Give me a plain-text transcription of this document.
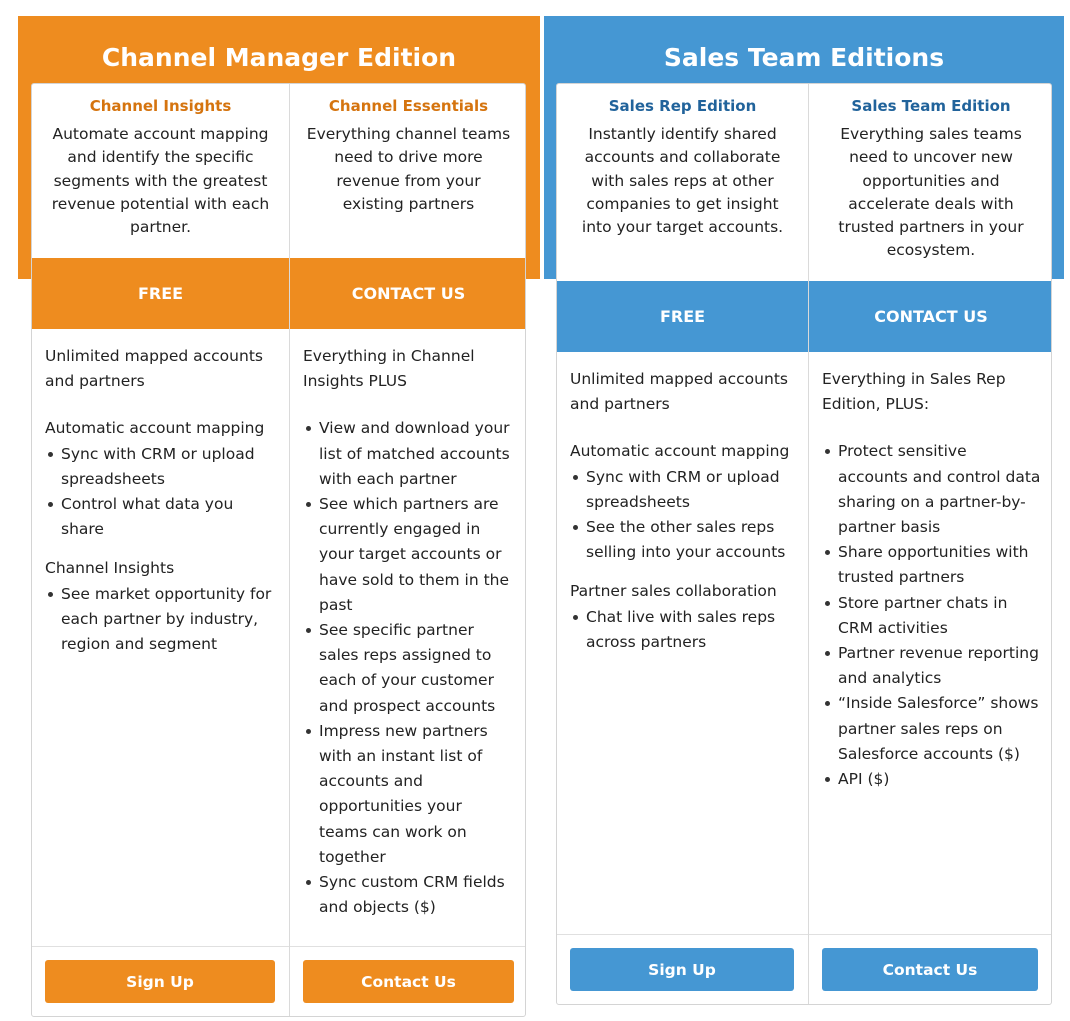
Channel Manager Edition
Channel Insights

Automate account mapping and identify the specific segments with the greatest revenue potential with each partner.

FREE
Unlimited mapped accounts and partners
Automatic account mapping
Sync with CRM or upload spreadsheets
Control what data you share
Channel Insights
See market opportunity for each partner by industry, region and segment
Sign Up
Channel Essentials

Everything channel teams need to drive more revenue from your existing partners

CONTACT US
Everything in Channel Insights PLUS
View and download your list of matched accounts with each partner
See which partners are currently engaged in your target accounts or have sold to them in the past
See specific partner sales reps assigned to each of your customer and prospect accounts
Impress new partners with an instant list of accounts and opportunities your teams can work on together
Sync custom CRM fields and objects ($)
Contact Us
Sales Team Editions
Sales Rep Edition

Instantly identify shared accounts and collaborate with sales reps at other companies to get insight into your target accounts.

FREE
Unlimited mapped accounts and partners
Automatic account mapping
Sync with CRM or upload spreadsheets
See the other sales reps selling into your accounts
Partner sales collaboration
Chat live with sales reps across partners
Sign Up
Sales Team Edition

Everything sales teams need to uncover new opportunities and accelerate deals with trusted partners in your ecosystem.

CONTACT US
Everything in Sales Rep Edition, PLUS:
Protect sensitive accounts and control data sharing on a partner-by-partner basis
Share opportunities with trusted partners
Store partner chats in CRM activities
Partner revenue reporting and analytics
“Inside Salesforce” shows partner sales reps on Salesforce accounts ($)
API ($)
Contact Us
